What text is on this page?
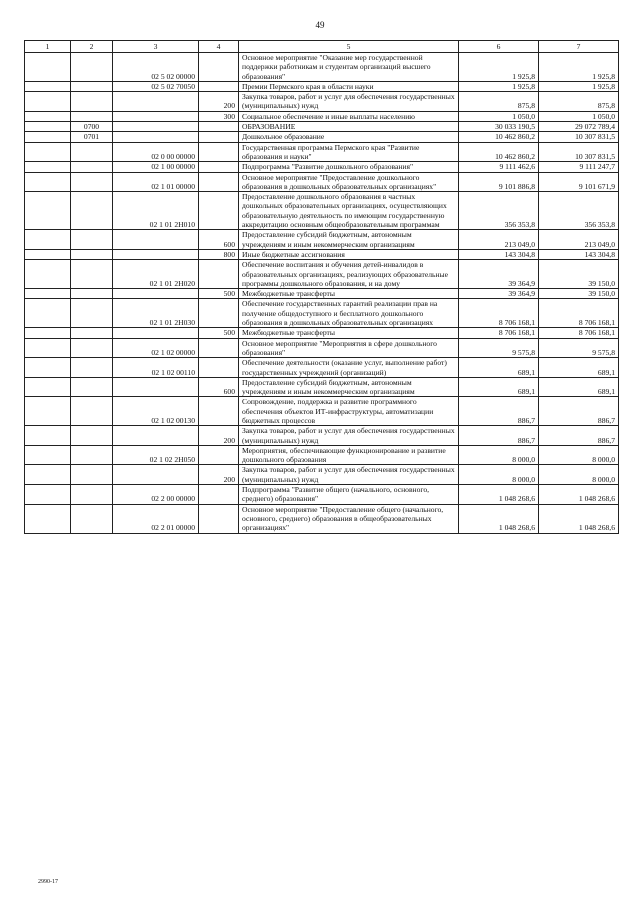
49
1	2	3	4	5	6	7
		02 5 02 00000		Основное мероприятие "Оказание мер государственной поддержки работникам и студентам организаций высшего образования"	1 925,8	1 925,8
		02 5 02 70050		Премии Пермского края в области науки	1 925,8	1 925,8
			200	Закупка товаров, работ и услуг для обеспечения государственных (муниципальных) нужд	875,8	875,8
			300	Социальное обеспечение и иные выплаты населению	1 050,0	1 050,0
	0700			ОБРАЗОВАНИЕ	30 033 190,5	29 072 789,4
	0701			Дошкольное образование	10 462 860,2	10 307 831,5
		02 0 00 00000		Государственная программа Пермского края "Развитие образования и науки"	10 462 860,2	10 307 831,5
		02 1 00 00000		Подпрограмма "Развитие дошкольного образования"	9 111 462,6	9 111 247,7
		02 1 01 00000		Основное мероприятие "Предоставление дошкольного образования в дошкольных образовательных организациях"	9 101 886,8	9 101 671,9
		02 1 01 2Н010		Предоставление дошкольного образования в частных дошкольных образовательных организациях, осуществляющих образовательную деятельность по имеющим государственную аккредитацию основным общеобразовательным программам	356 353,8	356 353,8
			600	Предоставление субсидий бюджетным, автономным учреждениям и иным некоммерческим организациям	213 049,0	213 049,0
			800	Иные бюджетные ассигнования	143 304,8	143 304,8
		02 1 01 2Н020		Обеспечение воспитания и обучения детей-инвалидов в образовательных организациях, реализующих образовательные программы дошкольного образования, и на дому	39 364,9	39 150,0
			500	Межбюджетные трансферты	39 364,9	39 150,0
		02 1 01 2Н030		Обеспечение государственных гарантий реализации прав на получение общедоступного и бесплатного дошкольного образования в дошкольных образовательных организациях	8 706 168,1	8 706 168,1
			500	Межбюджетные трансферты	8 706 168,1	8 706 168,1
		02 1 02 00000		Основное мероприятие "Мероприятия в сфере дошкольного образования"	9 575,8	9 575,8
		02 1 02 00110		Обеспечение деятельности (оказание услуг, выполнение работ) государственных учреждений (организаций)	689,1	689,1
			600	Предоставление субсидий бюджетным, автономным учреждениям и иным некоммерческим организациям	689,1	689,1
		02 1 02 00130		Сопровождение, поддержка и развитие программного обеспечения объектов ИТ-инфраструктуры, автоматизации бюджетных процессов	886,7	886,7
			200	Закупка товаров, работ и услуг для обеспечения государственных (муниципальных) нужд	886,7	886,7
		02 1 02 2Н050		Мероприятия, обеспечивающие функционирование и развитие дошкольного образования	8 000,0	8 000,0
			200	Закупка товаров, работ и услуг для обеспечения государственных (муниципальных) нужд	8 000,0	8 000,0
		02 2 00 00000		Подпрограмма "Развитие общего (начального, основного, среднего) образования"	1 048 268,6	1 048 268,6
		02 2 01 00000		Основное мероприятие "Предоставление общего (начального, основного, среднего) образования в общеобразовательных организациях"	1 048 268,6	1 048 268,6
2990-17
